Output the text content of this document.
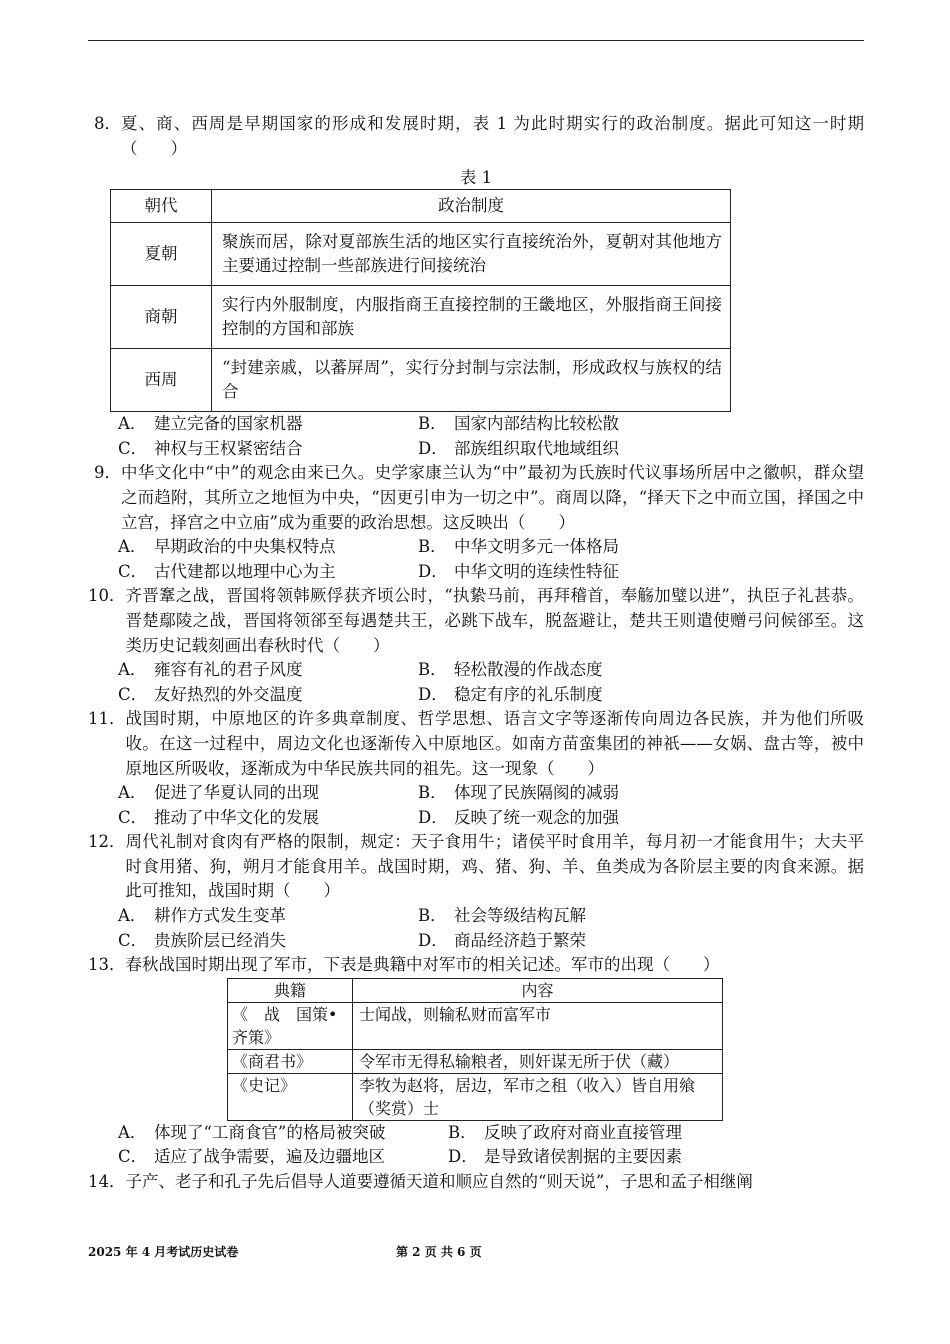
8． 夏、商、西周是早期国家的形成和发展时期，表 1 为此时期实行的政治制度。据此可知这一时期（　　）
表 1
朝代	政治制度
夏朝	聚族而居，除对夏部族生活的地区实行直接统治外，夏朝对其他地方主要通过控制一些部族进行间接统治
商朝	实行内外服制度，内服指商王直接控制的王畿地区，外服指商王间接控制的方国和部族
西周	“封建亲戚，以蕃屏周”，实行分封制与宗法制，形成政权与族权的结合
A． 建立完备的国家机器	B． 国家内部结构比较松散
C． 神权与王权紧密结合	D． 部族组织取代地域组织
9． 中华文化中“中”的观念由来已久。史学家康兰认为“中”最初为氏族时代议事场所居中之徽帜，群众望之而趋附，其所立之地恒为中央，“因更引申为一切之中”。商周以降，“择天下之中而立国，择国之中立宫，择宫之中立庙”成为重要的政治思想。这反映出（　　）
A． 早期政治的中央集权特点	B． 中华文明多元一体格局
C． 古代建都以地理中心为主	D． 中华文明的连续性特征
10． 齐晋鞌之战，晋国将领韩厥俘获齐顷公时，“执絷马前，再拜稽首，奉觞加璧以进”，执臣子礼甚恭。晋楚鄢陵之战，晋国将领郤至每遇楚共王，必跳下战车，脱盔避让，楚共王则遣使赠弓问候郤至。这类历史记载刻画出春秋时代（　　）
A． 雍容有礼的君子风度	B． 轻松散漫的作战态度
C． 友好热烈的外交温度	D． 稳定有序的礼乐制度
11． 战国时期，中原地区的许多典章制度、哲学思想、语言文字等逐渐传向周边各民族，并为他们所吸收。在这一过程中，周边文化也逐渐传入中原地区。如南方苗蛮集团的神祇——女娲、盘古等，被中原地区所吸收，逐渐成为中华民族共同的祖先。这一现象（　　）
A． 促进了华夏认同的出现	B． 体现了民族隔阂的减弱
C． 推动了中华文化的发展	D． 反映了统一观念的加强
12． 周代礼制对食肉有严格的限制，规定：天子食用牛；诸侯平时食用羊，每月初一才能食用牛；大夫平时食用猪、狗，朔月才能食用羊。战国时期，鸡、猪、狗、羊、鱼类成为各阶层主要的肉食来源。据此可推知，战国时期（　　）
A． 耕作方式发生变革	B． 社会等级结构瓦解
C． 贵族阶层已经消失	D． 商品经济趋于繁荣
13． 春秋战国时期出现了军市，下表是典籍中对军市的相关记述。军市的出现（　　）
典籍	内容
《　战　国策•齐策》	士闻战，则输私财而富军市
《商君书》	令军市无得私输粮者，则奸谋无所于伏（藏）
《史记》	李牧为赵将，居边，军市之租（收入）皆自用飨（奖赏）士
A． 体现了“工商食官”的格局被突破	B． 反映了政府对商业直接管理
C． 适应了战争需要，遍及边疆地区	D． 是导致诸侯割据的主要因素
14． 子产、老子和孔子先后倡导人道要遵循天道和顺应自然的“则天说”，子思和孟子相继阐
2025 年 4 月考试历史试卷	第 2 页 共 6 页
